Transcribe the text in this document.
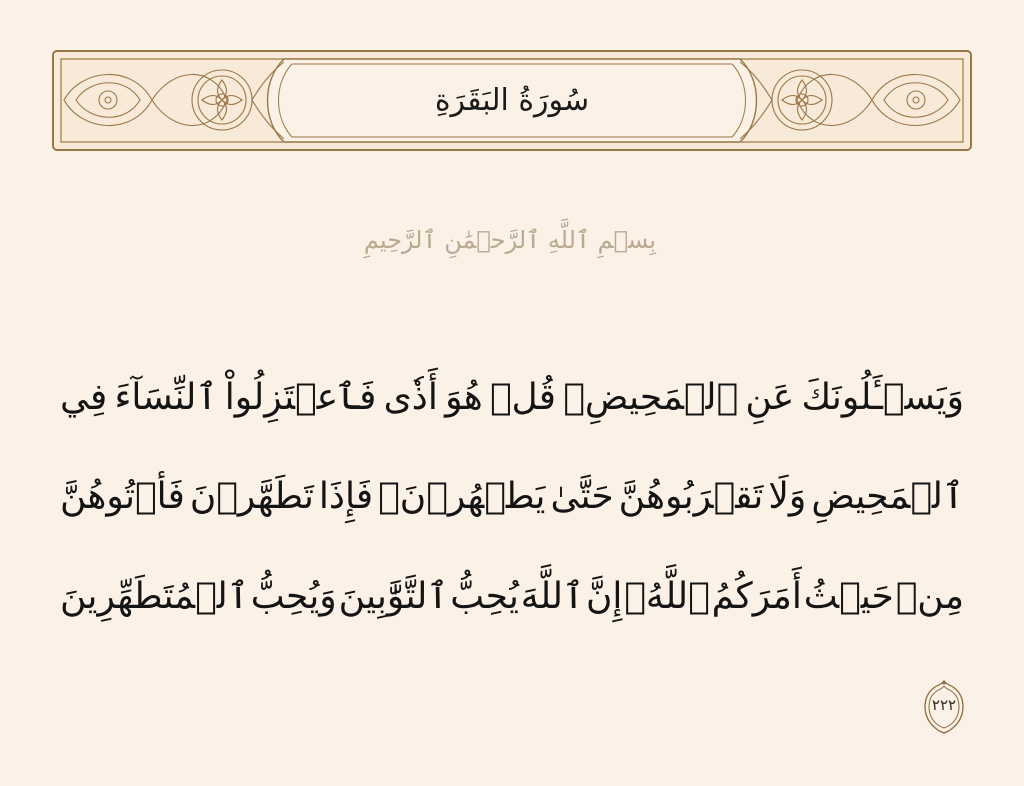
سُورَةُ البَقَرَةِ
بِسۡمِ ٱللَّهِ ٱلرَّحۡمَٰنِ ٱلرَّحِيمِ
وَيَسۡـَٔلُونَكَ
عَنِ
ٱلۡمَحِيضِۖ
قُلۡ
هُوَ
أَذٗى
فَٱعۡتَزِلُواْ
ٱلنِّسَآءَ
فِي
ٱلۡمَحِيضِ
وَلَا
تَقۡرَبُوهُنَّ
حَتَّىٰ
يَطۡهُرۡنَۖ
فَإِذَا
تَطَهَّرۡنَ
فَأۡتُوهُنَّ
مِنۡ
حَيۡثُ
أَمَرَكُمُ
ٱللَّهُۚ
إِنَّ
ٱللَّهَ
يُحِبُّ
ٱلتَّوَّٰبِينَ
وَيُحِبُّ
ٱلۡمُتَطَهِّرِينَ
٢٢٢
